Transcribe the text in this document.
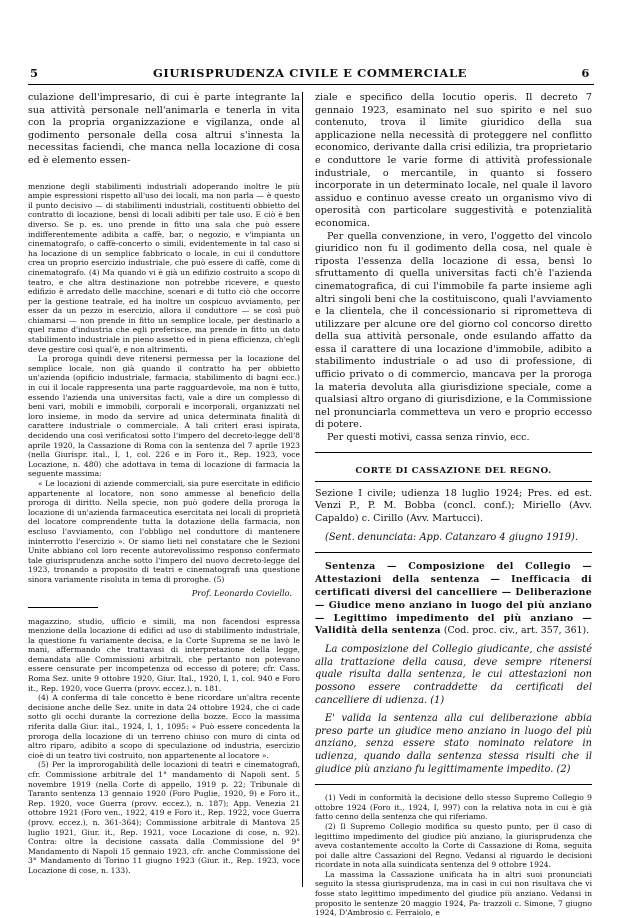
5	GIURISPRUDENZA CIVILE E COMMERCIALE	6

culazione dell'impresario, di cui è parte integrante la sua attività personale nell'animarla e tenerla in vita con la propria organizzazione e vigilanza, onde al godimento personale della cosa altrui s'innesta la necessitas faciendi, che manca nella locazione di cosa ed è elemento essen-

menzione degli stabilimenti industriali adoperando inoltre le più ampie espressioni rispetto all'uso dei locali, ma non parla — è questo il punto decisivo — di stabilimenti industriali, costituenti obbietto del contratto di locazione, bensì di locali adibiti per tale uso. E ciò è ben diverso. Se p. es. uno prende in fitto una sala che può essere indifferentemente adibita a caffè, bar, o negozio, e v'impianta un cinematografo, o caffè-concerto o simili, evidentemente in tal caso si ha locazione di un semplice fabbricato o locale, in cui il conduttore crea un proprio esercizio industriale, che può essere di caffè, come di cinematografo. (4) Ma quando vi è già un edifizio costruito a scopo di teatro, e che altra destinazione non potrebbe ricevere, e questo edifizio è arredato delle macchine, scenari e di tutto ciò che occorre per la gestione teatrale, ed ha inoltre un cospicuo avviamento, per esser da un pezzo in esercizio, allora il conduttore — se così può chiamarsi — non prende in fitto un semplice locale, per destinarlo a quel ramo d'industria che egli preferisce, ma prende in fitto un dato stabilimento industriale in pieno assetto ed in piena efficienza, ch'egli deve gestire così qual'è, e non altrimenti.

La proroga quindi deve ritenersi permessa per la locazione del semplice locale, non già quando il contratto ha per obbietto un'azienda (opificio industriale, farmacia, stabilimento di bagni ecc.) in cui il locale rappresenta una parte ragguardevole, ma non è tutto, essendo l'azienda una universitas facti, vale a dire un complesso di beni vari, mobili e immobili, corporali e incorporali, organizzati nel loro insieme, in modo da servire ad unica determinata finalità di carattere industriale o commerciale. A tali criteri erasi ispirata, decidendo una così verificatosi sotto l'impero del decreto-legge dell'8 aprile 1920, la Cassazione di Roma con la sentenza del 7 aprile 1923 (nella Giurispr. ital., I, 1, col. 226 e in Foro it., Rep. 1923, voce Locazione, n. 480) che adottava in tema di locazione di farmacia la seguente massima:

« Le locazioni di aziende commerciali, sia pure esercitate in edificio appartenente al locatore, non sono ammesse al beneficio della proroga di diritto. Nella specie, non può godere della proroga la locazione di un'azienda farmaceutica esercitata nei locali di proprietà del locatore comprendente tutta la dotazione della farmacia, non escluso l'avviamento, con l'obbligo nel conduttore di mantenere ininterrotto l'esercizio ». Or siamo lieti nel constatare che le Sezioni Unite abbiano col loro recente autorevolissimo responso confermato tale giurisprudenza anche sotto l'impero del nuovo decreto-legge del 1923, tronando a proposito di teatri e cinematografi una questione sinora variamente risoluta in tema di proroghe. (5)

Prof. Leonardo Coviello.

magazzino, studio, ufficio e simili, ma non facendosi espressa menzione della locazione di edifici ad uso di stabilimento industriale, la questione fu variamente decisa, e la Corte Suprema se ne lavò le mani, affermando che trattavasi di interpretazione della legge, demandata alle Commissioni arbitrali, che pertanto non potevano essere censurate per incompetenza od eccesso di potere; cfr. Cass. Roma Sez. unite 9 ottobre 1920, Giur. Ital., 1920, I, 1, col. 940 e Foro it., Rep. 1920, voce Guerra (provv. eccez.), n. 181.

(4) A conferma di tale concetto è bene ricordare un'altra recente decisione anche delle Sez. unite in data 24 ottobre 1924, che ci cade sotto gli occhi durante la correzione della bozze. Ecco la massima riferita dalla Giur. ital., 1924, I, 1, 1095: « Può essere concedenta la proroga della locazione di un terreno chiuso con muro di cinta od altro riparo, adibito a scopo di speculazione od industria, esercizio cioè di un teatro tivi costruito, non appartenente al locatore ».

(5) Per la improrogabilità delle locazioni di teatri e cinematografi, cfr. Commissione arbitrale del 1° mandamento di Napoli sent. 5 novembre 1919 (nella Corte di appello, 1919 p. 22; Tribunale di Taranto sentenza 13 gennaio 1920 (Foro Puglie, 1920, 9) e Foro it., Rep. 1920, voce Guerra (provv. eccez.), n. 187); App. Venezia 21 ottobre 1921 (Foro ven., 1922, 419 e Foro it., Rep. 1922, voce Guerra (provv. eccez.), n. 361-364); Commissione arbitrale di Mantova 25 luglio 1921, Giur. it., Rep. 1921, voce Locazione di cose, n. 92). Contra: oltre la decisione cassata dalla Commissione del 9° Mandamento di Napoli 15 gennaio 1923, cfr. anche Commissione del 3° Mandamento di Torino 11 giugno 1923 (Giur. it., Rep. 1923, voce Locazione di cose, n. 133).

ziale e specifico della locutio operis. Il decreto 7 gennaio 1923, esaminato nel suo spirito e nel suo contenuto, trova il limite giuridico della sua applicazione nella necessità di proteggere nel conflitto economico, derivante dalla crisi edilizia, tra proprietario e conduttore le varie forme di attività professionale industriale, o mercantile, in quanto si fossero incorporate in un determinato locale, nel quale il lavoro assiduo e continuo avesse creato un organismo vivo di operosità con particolare suggestività e potenzialità economica.

Per quella convenzione, in vero, l'oggetto del vincolo giuridico non fu il godimento della cosa, nel quale è riposta l'essenza della locazione di essa, bensì lo sfruttamento di quella universitas facti ch'è l'azienda cinematografica, di cui l'immobile fa parte insieme agli altri singoli beni che la costituiscono, quali l'avviamento e la clientela, che il concessionario si riprometteva di utilizzare per alcune ore del giorno col concorso diretto della sua attività personale, onde esulando affatto da essa il carattere di una locazione d'immobile, adibito a stabilimento industriale o ad uso di professione, di ufficio privato o di commercio, mancava per la proroga la materia devoluta alla giurisdizione speciale, come a qualsiasi altro organo di giurisdizione, e la Commissione nel pronunciarla commetteva un vero e proprio eccesso di potere.

Per questi motivi, cassa senza rinvio, ecc.

CORTE DI CASSAZIONE DEL REGNO.

Sezione I civile; udienza 18 luglio 1924; Pres. ed est. Venzi P., P. M. Bobba (concl. conf.); Miriello (Avv. Capaldo) c. Cirillo (Avv. Martucci).

(Sent. denunciata: App. Catanzaro 4 giugno 1919).

Sentenza — Composizione del Collegio — Attestazioni della sentenza — Inefficacia di certificati diversi del cancelliere — Deliberazione — Giudice meno anziano in luogo del più anziano — Legittimo impedimento del più anziano — Validità della sentenza (Cod. proc. civ., art. 357, 361).

La composizione del Collegio giudicante, che assisté alla trattazione della causa, deve sempre ritenersi quale risulta dalla sentenza, le cui attestazioni non possono essere contraddette da certificati del cancelliere di udienza. (1)

E' valida la sentenza alla cui deliberazione abbia preso parte un giudice meno anziano in luogo del più anziano, senza essere stato nominato relatore in udienza, quando dalla sentenza stessa risulti che il giudice più anziano fu legittimamente impedito. (2)

(1) Vedi in conformità la decisione dello stesso Supremo Collegio 9 ottobre 1924 (Foro it., 1924, I, 997) con la relativa nota in cui è già fatto cenno della sentenza che qui riferiamo.

(2) Il Supremo Collegio modifica su questo punto, per il caso di legittimo impedimento del giudice più anziano, la giurisprudenza che aveva costantemente accolto la Corte di Cassazione di Roma, seguita poi dalle altre Cassazioni del Regno. Vedansi al riguardo le decisioni ricordate in nota alla suindicata sentenza del 9 ottobre 1924.

La massima la Cassazione unificata ha in altri suoi pronunciati seguito la stessa giurisprudenza, ma in casi in cui non risultava che vi fosse stato legittimo impedimento del giudice più anziano. Vedansi in proposito le sentenze 20 maggio 1924, Pa- trazzoli c. Simone, 7 giugno 1924, D'Ambrosio c. Ferraiolo, e
